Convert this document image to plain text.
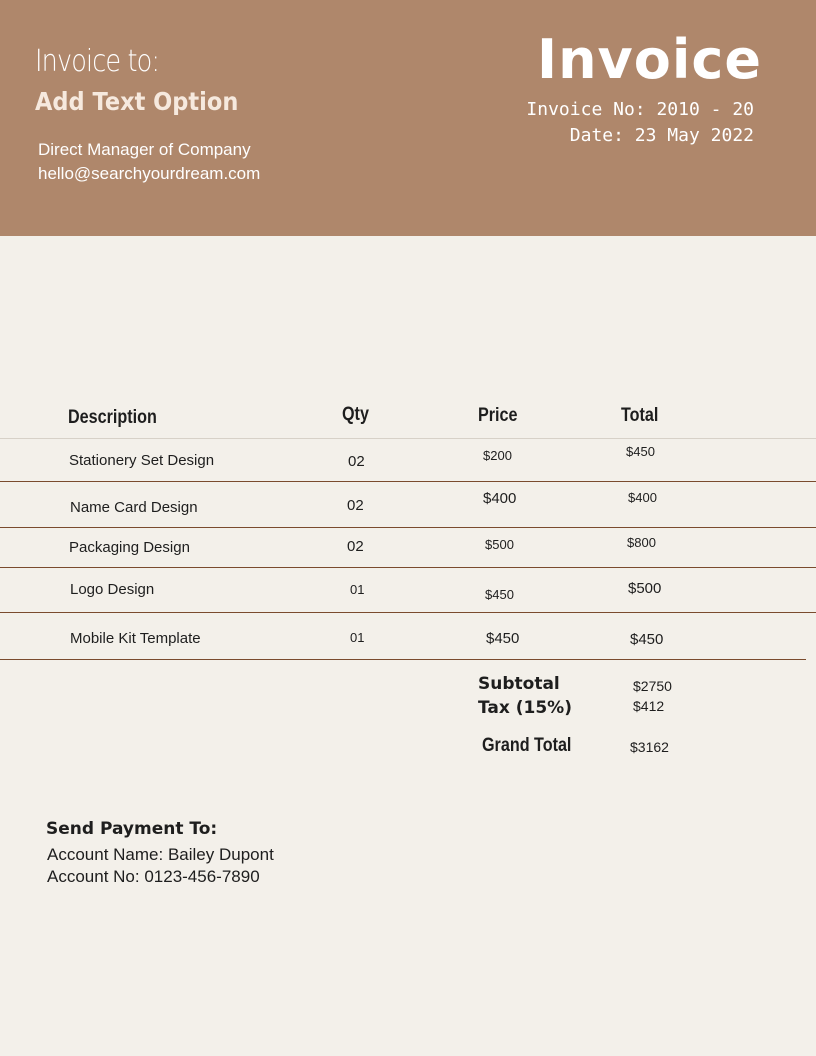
Invoice to:
Add Text Option
Direct Manager of Company
hello@searchyourdream.com
Invoice
Invoice No: 2010 - 20
Date: 23 May 2022
Description	Qty	Price	Total
Stationery Set Design	02	$200	$450
Name Card Design	02	$400	$400
Packaging Design	02	$500	$800
Logo Design	01	$450	$500
Mobile Kit Template	01	$450	$450
Subtotal	$2750
Tax (15%)	$412
Grand Total	$3162
Send Payment To:
Account Name: Bailey Dupont
Account No: 0123-456-7890
